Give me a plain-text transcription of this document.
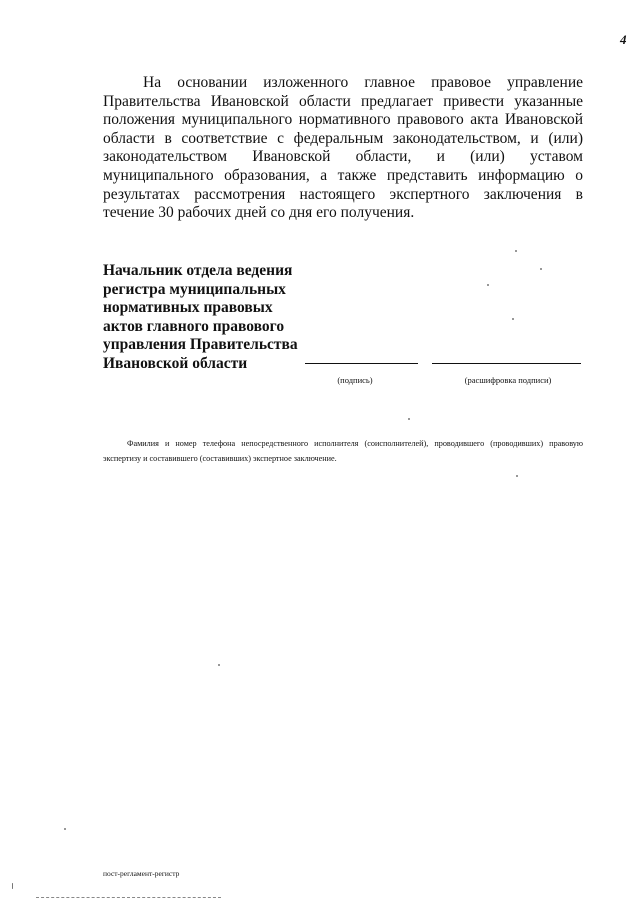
4

На основании изложенного главное правовое управление Правительства Ивановской области предлагает привести указанные положения муниципального нормативного правового акта Ивановской области в соответствие с федеральным законодательством, и (или) законодательством Ивановской области, и (или) уставом муниципального образования, а также представить информацию о результатах рассмотрения настоящего экспертного заключения в течение 30 рабочих дней со дня его получения.

Начальник отдела ведения регистра муниципальных нормативных правовых актов главного правового управления Правительства Ивановской области

(подпись)	(расшифровка подписи)

Фамилия и номер телефона непосредственного исполнителя (соисполнителей), проводившего (проводивших) правовую экспертизу и составившего (составивших) экспертное заключение.

пост-регламент-регистр
